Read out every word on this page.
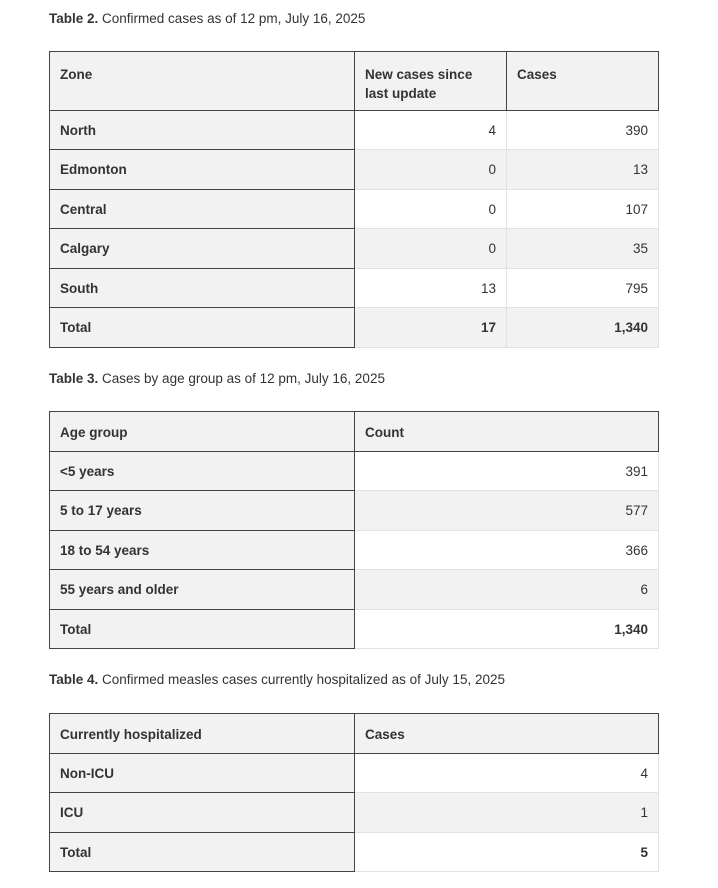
Table 2. Confirmed cases as of 12 pm, July 16, 2025
Zone	New cases since last update	Cases
North	4	390
Edmonton	0	13
Central	0	107
Calgary	0	35
South	13	795
Total	17	1,340
Table 3. Cases by age group as of 12 pm, July 16, 2025
Age group	Count
<5 years	391
5 to 17 years	577
18 to 54 years	366
55 years and older	6
Total	1,340
Table 4. Confirmed measles cases currently hospitalized as of July 15, 2025
Currently hospitalized	Cases
Non-ICU	4
ICU	1
Total	5
